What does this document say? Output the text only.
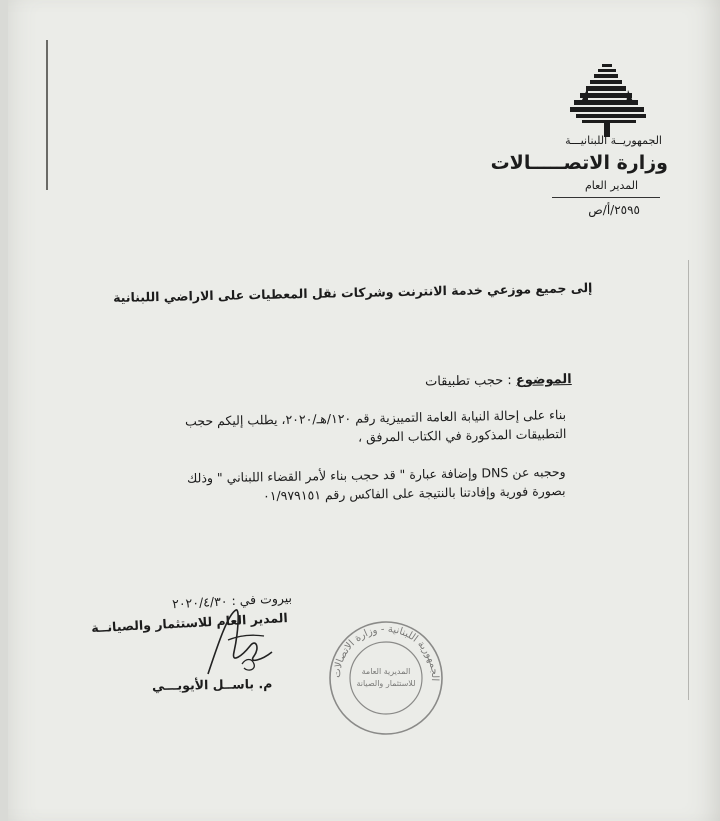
الجمهوريــة اللبنانيـــة
وزارة الاتصـــــالات
المدير العام
٢٥٩٥/أ/ص
إلى جميع موزعي خدمة الانترنت وشركات نقل المعطيات على الاراضي اللبنانية
الموضوع : حجب تطبيقات
بناء على إحالة النيابة العامة التمييزية رقم ١٢٠/هـ/٢٠٢٠، يطلب إليكم حجب
التطبيقات المذكورة في الكتاب المرفق ،
وحجبه عن DNS وإضافة عبارة " قد حجب بناء لأمر القضاء اللبناني " وذلك
بصورة فورية وإفادتنا بالنتيجة على الفاكس رقم ٠١/٩٧٩١٥١
بيروت في : ٢٠٢٠/٤/٣٠
المدير العام للاستثمار والصيانــة
م. باســل الأيوبـــي
الجمهورية اللبنانية - وزارة الاتصالات
المديرية العامة
للاستثمار والصيانة
